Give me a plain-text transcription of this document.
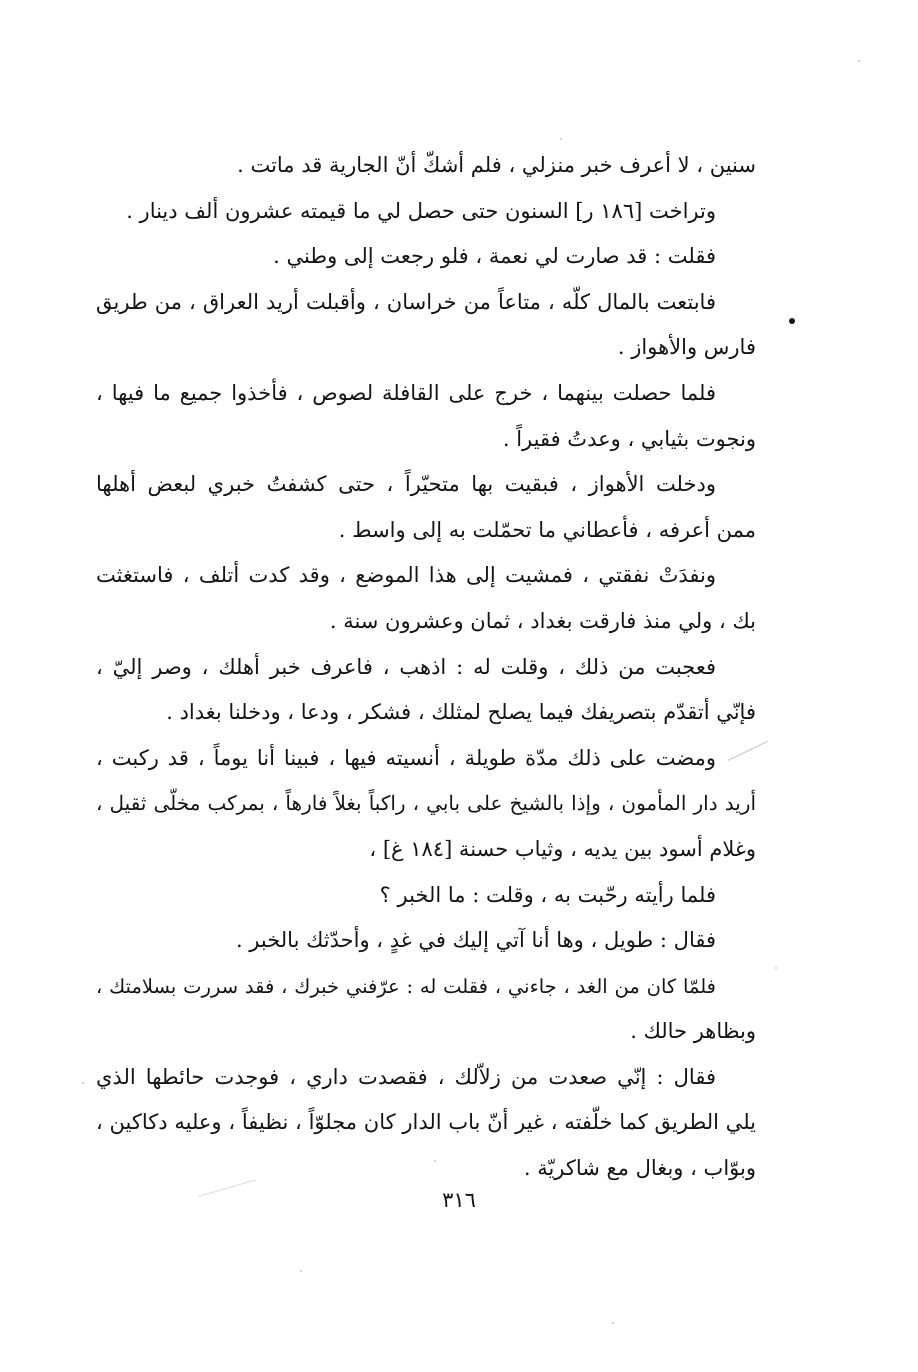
سنين ، لا أعرف خبر منزلي ، فلم أشكّ أنّ الجارية قد ماتت .
وتراخت [١٨٦ ر] السنون حتى حصل لي ما قيمته عشرون ألف دينار .
فقلت : قد صارت لي نعمة ، فلو رجعت إلى وطني .
فابتعت بالمال كلّه ، متاعاً من خراسان ، وأقبلت أريد العراق ، من طريق
فارس والأهواز .
فلما حصلت بينهما ، خرج على القافلة لصوص ، فأخذوا جميع ما فيها ،
ونجوت بثيابي ، وعدتُ فقيراً .
ودخلت الأهواز ، فبقيت بها متحيّراً ، حتى كشفتُ خبري لبعض أهلها
ممن أعرفه ، فأعطاني ما تحمّلت به إلى واسط .
ونفدَتْ نفقتي ، فمشيت إلى هذا الموضع ، وقد كدت أتلف ، فاستغثت
بك ، ولي منذ فارقت بغداد ، ثمان وعشرون سنة .
فعجبت من ذلك ، وقلت له : اذهب ، فاعرف خبر أهلك ، وصر إليّ ،
فإنّي أتقدّم بتصريفك فيما يصلح لمثلك ، فشكر ، ودعا ، ودخلنا بغداد .
ومضت على ذلك مدّة طويلة ، أنسيته فيها ، فبينا أنا يوماً ، قد ركبت ،
أريد دار المأمون ، وإذا بالشيخ على بابي ، راكباً بغلاً فارهاً ، بمركب مخلّى ثقيل ،
وغلام أسود بين يديه ، وثياب حسنة [١٨٤ غ] ،
فلما رأيته رحّبت به ، وقلت : ما الخبر ؟
فقال : طويل ، وها أنا آتي إليك في غدٍ ، وأحدّثك بالخبر .
فلمّا كان من الغد ، جاءني ، فقلت له : عرّفني خبرك ، فقد سررت بسلامتك ،
وبظاهر حالك .
فقال : إنّي صعدت من زلاّلك ، فقصدت داري ، فوجدت حائطها الذي
يلي الطريق كما خلّفته ، غير أنّ باب الدار كان مجلوّاً ، نظيفاً ، وعليه دكاكين ،
وبوّاب ، وبغال مع شاكريّة .
٣١٦
